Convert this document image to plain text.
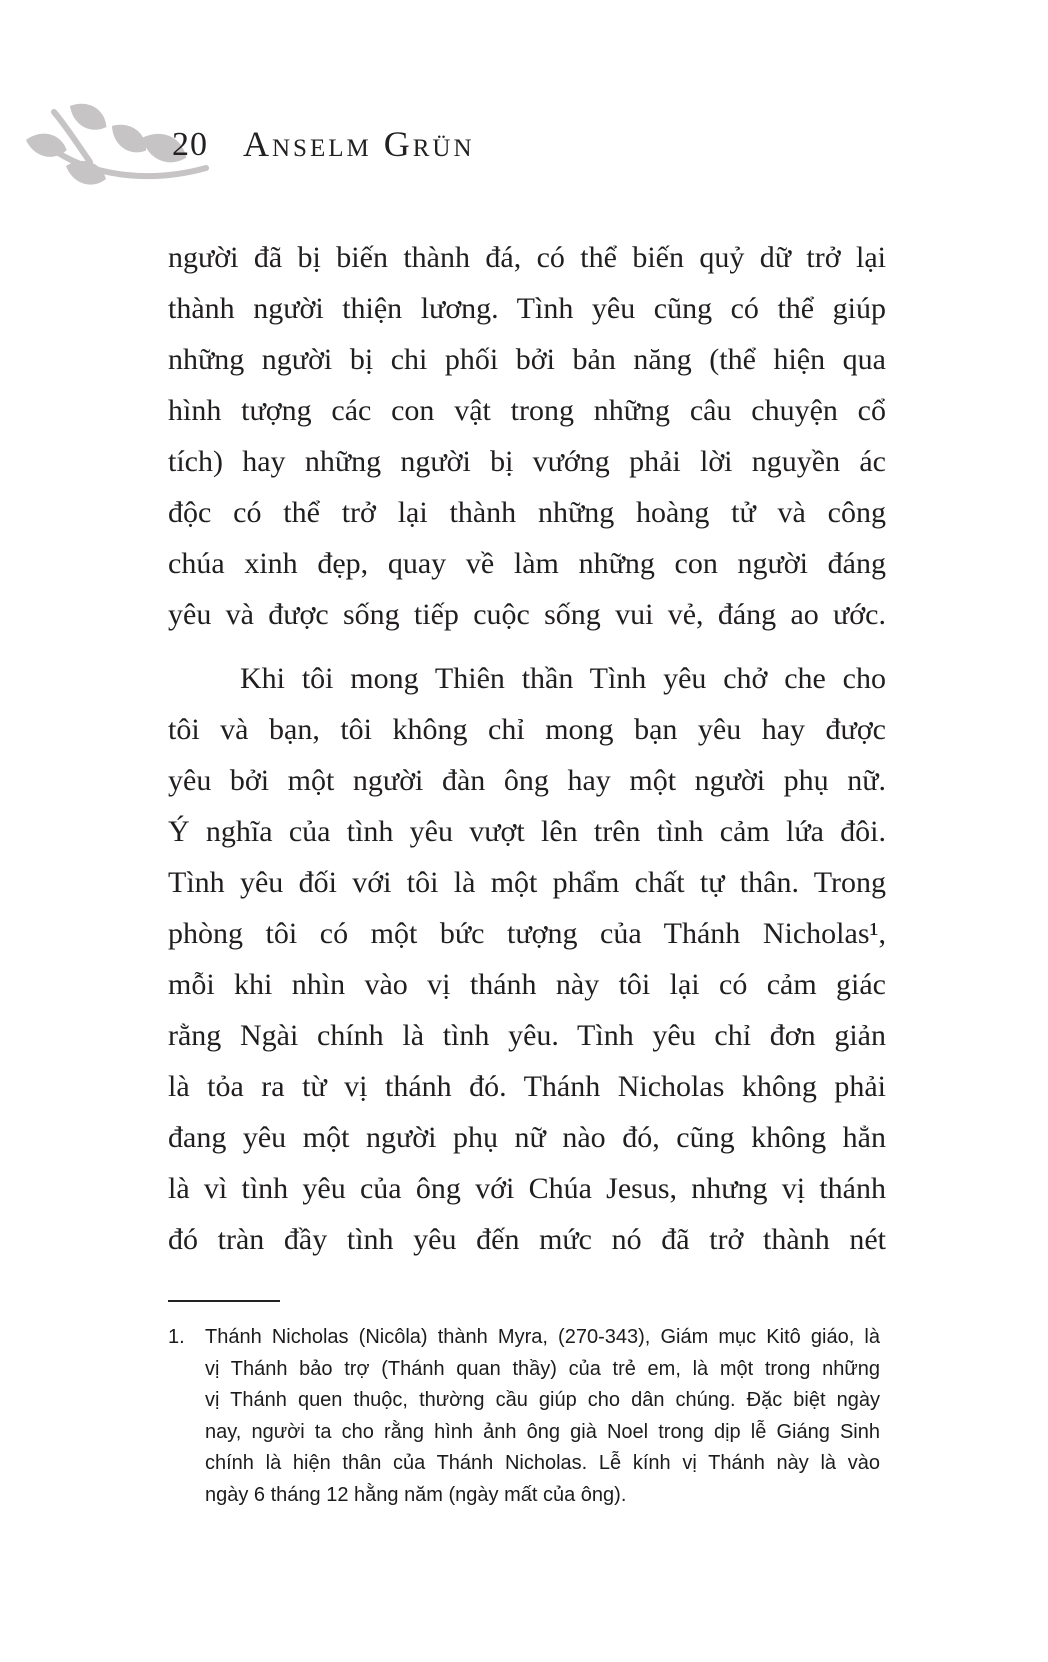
20 Anselm Grün
người đã bị biến thành đá, có thể biến quỷ dữ trở lại
thành người thiện lương. Tình yêu cũng có thể giúp
những người bị chi phối bởi bản năng (thể hiện qua
hình tượng các con vật trong những câu chuyện cổ
tích) hay những người bị vướng phải lời nguyền ác
độc có thể trở lại thành những hoàng tử và công
chúa xinh đẹp, quay về làm những con người đáng
yêu và được sống tiếp cuộc sống vui vẻ, đáng ao ước.
Khi tôi mong Thiên thần Tình yêu chở che cho
tôi và bạn, tôi không chỉ mong bạn yêu hay được
yêu bởi một người đàn ông hay một người phụ nữ.
Ý nghĩa của tình yêu vượt lên trên tình cảm lứa đôi.
Tình yêu đối với tôi là một phẩm chất tự thân. Trong
phòng tôi có một bức tượng của Thánh Nicholas¹,
mỗi khi nhìn vào vị thánh này tôi lại có cảm giác
rằng Ngài chính là tình yêu. Tình yêu chỉ đơn giản
là tỏa ra từ vị thánh đó. Thánh Nicholas không phải
đang yêu một người phụ nữ nào đó, cũng không hẳn
là vì tình yêu của ông với Chúa Jesus, nhưng vị thánh
đó tràn đầy tình yêu đến mức nó đã trở thành nét
1.	Thánh Nicholas (Nicôla) thành Myra, (270-343), Giám mục Kitô giáo, là
vị Thánh bảo trợ (Thánh quan thầy) của trẻ em, là một trong những
vị Thánh quen thuộc, thường cầu giúp cho dân chúng. Đặc biệt ngày
nay, người ta cho rằng hình ảnh ông già Noel trong dịp lễ Giáng Sinh
chính là hiện thân của Thánh Nicholas. Lễ kính vị Thánh này là vào
ngày 6 tháng 12 hằng năm (ngày mất của ông).
